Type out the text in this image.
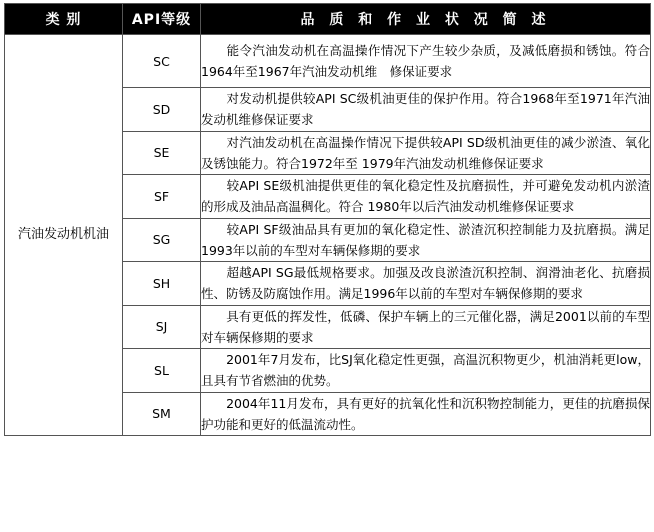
类 别	API等级	品 质 和 作 业 状 况 简 述
汽油发动机机油	SC	　　能令汽油发动机在高温操作情况下产生较少杂质，及减低磨损和锈蚀。符合1964年至1967年汽油发动机维　修保证要求
	SD	　　对发动机提供较API SC级机油更佳的保护作用。符合1968年至1971年汽油发动机维修保证要求
	SE	　　对汽油发动机在高温操作情况下提供较API SD级机油更佳的减少淤渣、氧化及锈蚀能力。符合1972年至 1979年汽油发动机维修保证要求
	SF	　　较API SE级机油提供更佳的氧化稳定性及抗磨损性，并可避免发动机内淤渣的形成及油品高温稠化。符合 1980年以后汽油发动机维修保证要求
	SG	　　较API SF级油品具有更加的氧化稳定性、淤渣沉积控制能力及抗磨损。满足1993年以前的车型对车辆保修期的要求
	SH	　　超越API SG最低规格要求。加强及改良淤渣沉积控制、润滑油老化、抗磨损性、防锈及防腐蚀作用。满足1996年以前的车型对车辆保修期的要求
	SJ	　　具有更低的挥发性，低磷、保护车辆上的三元催化器，满足2001以前的车型对车辆保修期的要求
	SL	　　2001年7月发布，比SJ氧化稳定性更强，高温沉积物更少，机油消耗更low，且具有节省燃油的优势。
	SM	　　2004年11月发布，具有更好的抗氧化性和沉积物控制能力，更佳的抗磨损保护功能和更好的低温流动性。
